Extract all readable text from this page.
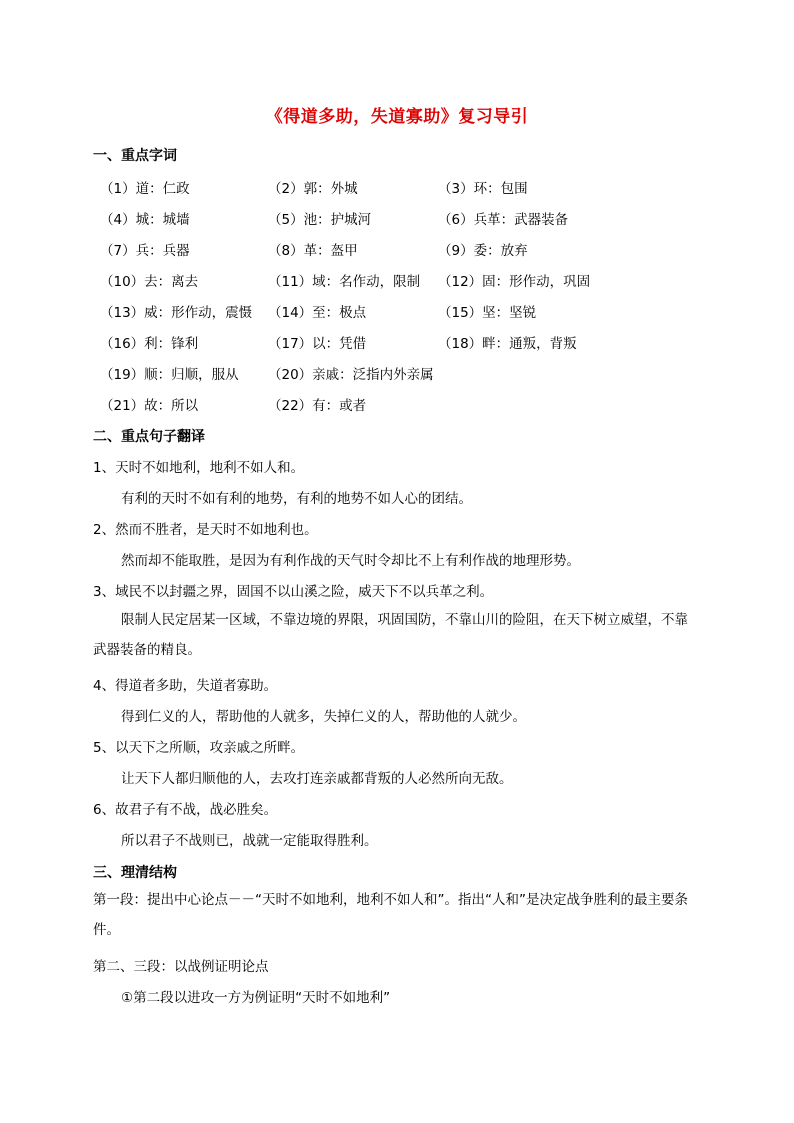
《得道多助，失道寡助》复习导引
一、重点字词
（1）道：仁政	（2）郭：外城	（3）环：包围
（4）城：城墙	（5）池：护城河	（6）兵革：武器装备
（7）兵：兵器	（8）革：盔甲	（9）委：放弃
（10）去：离去	（11）域：名作动，限制	（12）固：形作动，巩固
（13）威：形作动，震慑	（14）至：极点	（15）坚：坚锐
（16）利：锋利	（17）以：凭借	（18）畔：通叛，背叛
（19）顺：归顺，服从	（20）亲戚：泛指内外亲属
（21）故：所以	（22）有：或者
二、重点句子翻译
1、天时不如地利，地利不如人和。
有利的天时不如有利的地势，有利的地势不如人心的团结。
2、然而不胜者，是天时不如地利也。
然而却不能取胜，是因为有利作战的天气时令却比不上有利作战的地理形势。
3、域民不以封疆之界，固国不以山溪之险，威天下不以兵革之利。
限制人民定居某一区域，不靠边境的界限，巩固国防，不靠山川的险阻，在天下树立威望，不靠武器装备的精良。
4、得道者多助，失道者寡助。
得到仁义的人，帮助他的人就多，失掉仁义的人，帮助他的人就少。
5、以天下之所顺，攻亲戚之所畔。
让天下人都归顺他的人，去攻打连亲戚都背叛的人必然所向无敌。
6、故君子有不战，战必胜矣。
所以君子不战则已，战就一定能取得胜利。
三、理清结构
第一段：提出中心论点－－“天时不如地利，地利不如人和”。指出“人和”是决定战争胜利的最主要条件。
第二、三段：以战例证明论点
①第二段以进攻一方为例证明“天时不如地利”
